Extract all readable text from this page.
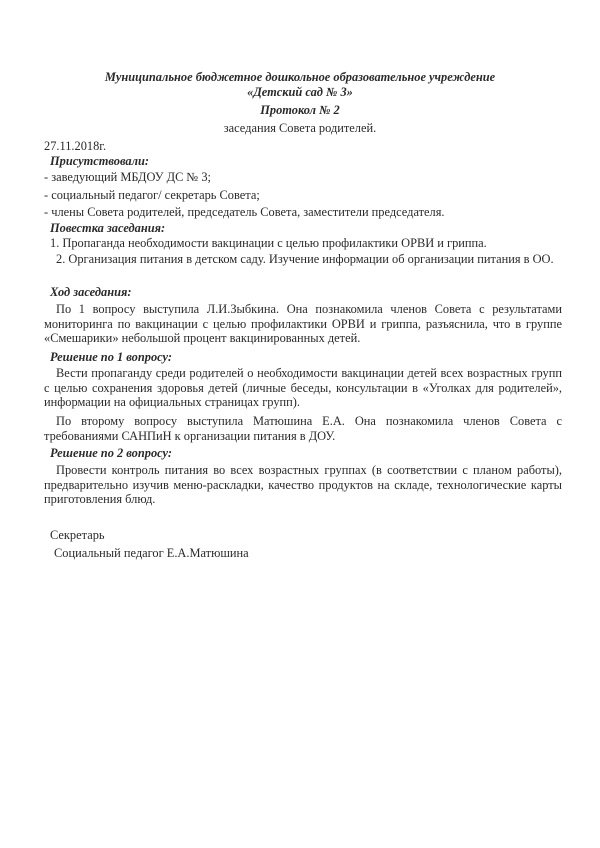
Муниципальное бюджетное дошкольное образовательное учреждение
«Детский сад № 3»
Протокол № 2
заседания Совета родителей.
27.11.2018г.
Присутствовали:
- заведующий МБДОУ ДС № 3;
- социальный педагог/ секретарь Совета;
- члены Совета родителей, председатель Совета, заместители председателя.
Повестка заседания:
1. Пропаганда необходимости вакцинации с целью профилактики ОРВИ и гриппа.
2. Организация питания в детском саду. Изучение информации об организации питания в ОО.
Ход заседания:
По 1 вопросу выступила Л.И.Зыбкина. Она познакомила членов Совета с результатами мониторинга по вакцинации с целью профилактики ОРВИ и гриппа, разъяснила, что в группе «Смешарики» небольшой процент вакцинированных детей.
Решение по 1 вопросу:
Вести пропаганду среди родителей о необходимости вакцинации детей всех возрастных групп с целью сохранения здоровья детей (личные беседы, консультации в «Уголках для родителей», информации на официальных страницах групп).
По второму вопросу выступила Матюшина Е.А. Она познакомила членов Совета с требованиями САНПиН к организации питания в ДОУ.
Решение по 2 вопросу:
Провести контроль питания во всех возрастных группах (в соответствии с планом работы), предварительно изучив меню-раскладки, качество продуктов на складе, технологические карты приготовления блюд.
Секретарь
Социальный педагог Е.А.Матюшина
